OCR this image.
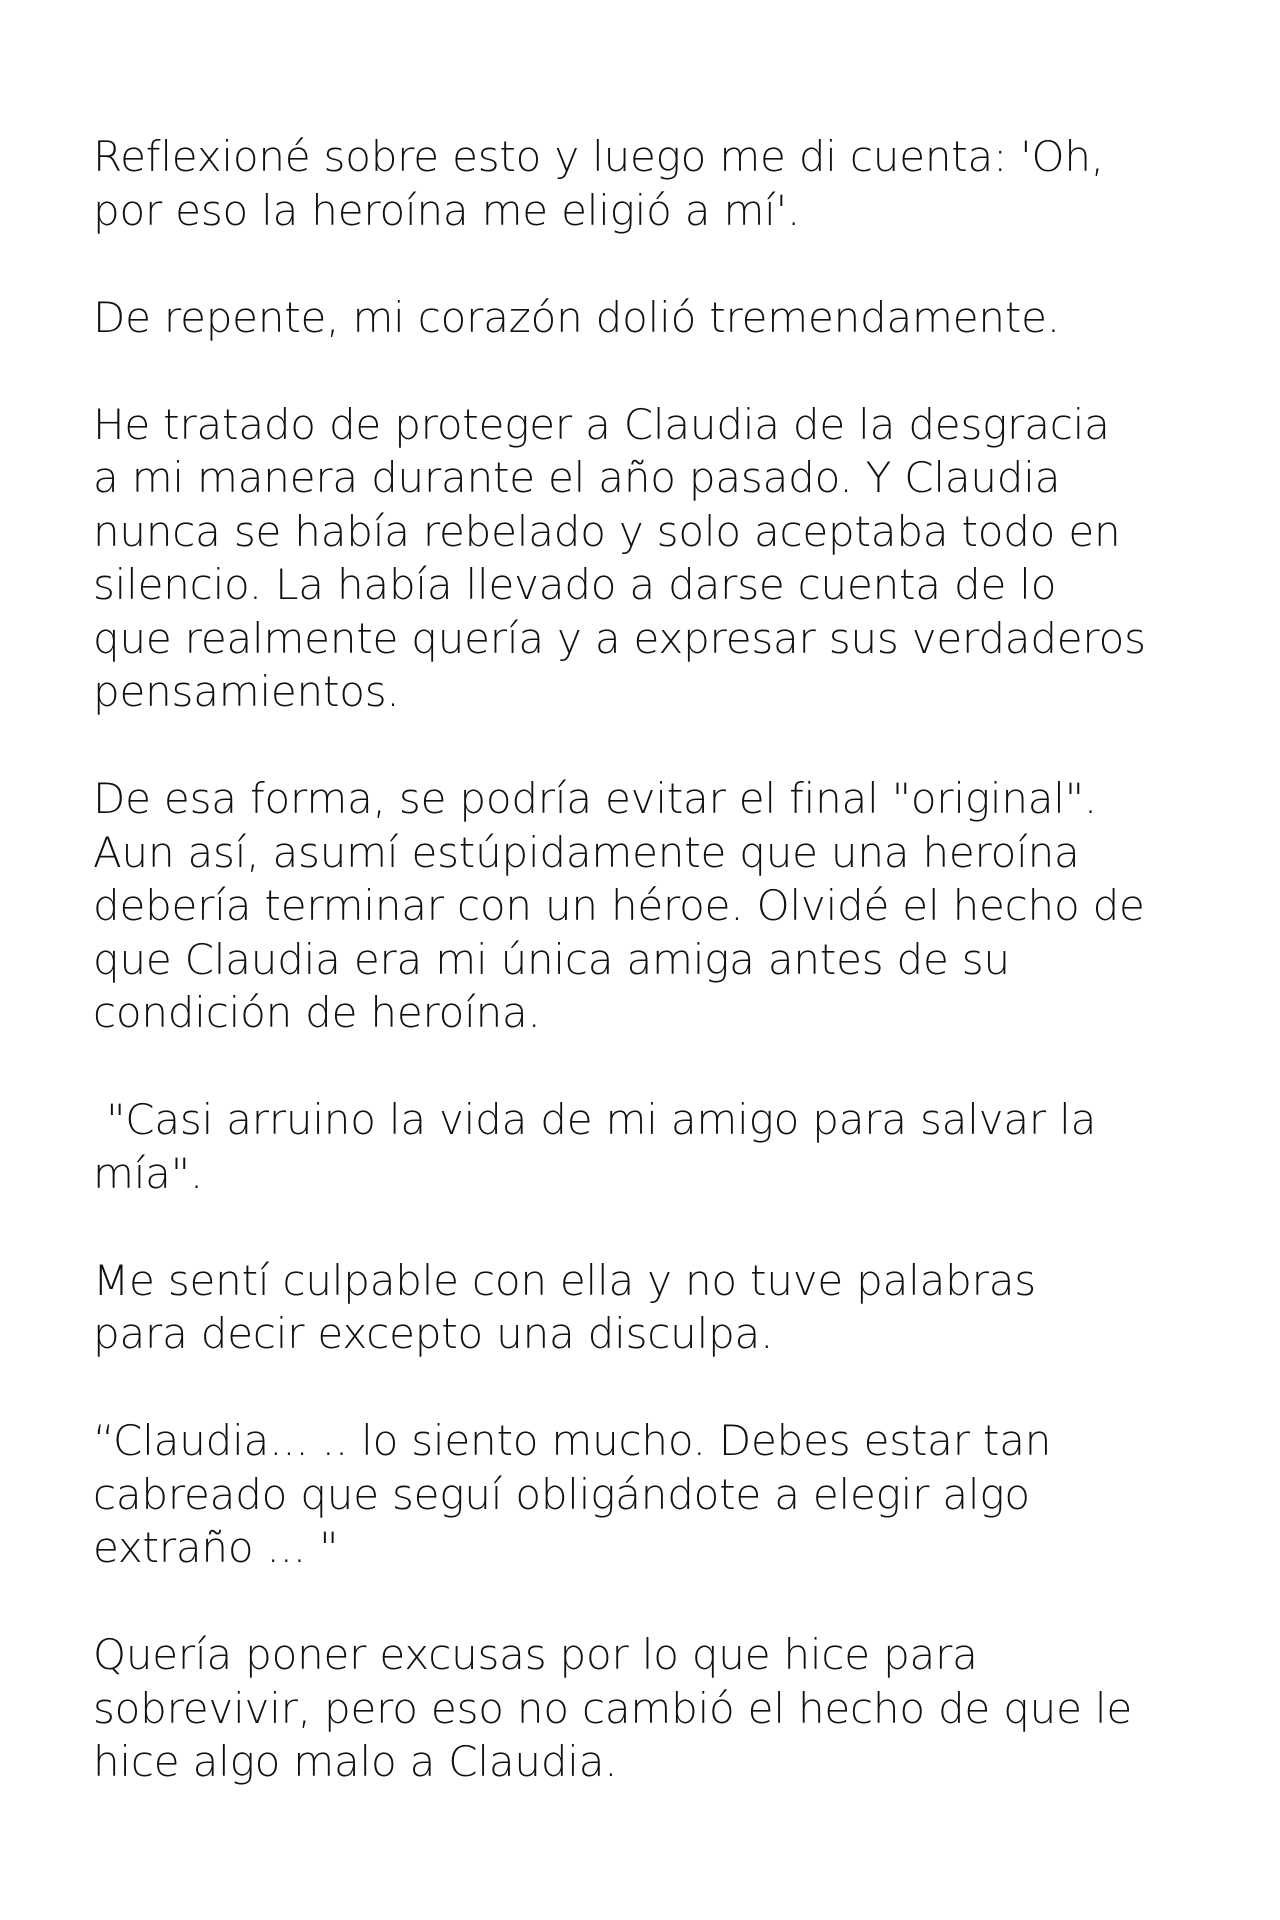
Reflexioné sobre esto y luego me di cuenta: 'Oh,
por eso la heroína me eligió a mí'.

De repente, mi corazón dolió tremendamente.

He tratado de proteger a Claudia de la desgracia
a mi manera durante el año pasado. Y Claudia
nunca se había rebelado y solo aceptaba todo en
silencio. La había llevado a darse cuenta de lo
que realmente quería y a expresar sus verdaderos
pensamientos.

De esa forma, se podría evitar el final "original".
Aun así, asumí estúpidamente que una heroína
debería terminar con un héroe. Olvidé el hecho de
que Claudia era mi única amiga antes de su
condición de heroína.

"Casi arruino la vida de mi amigo para salvar la
mía".

Me sentí culpable con ella y no tuve palabras
para decir excepto una disculpa.

“Claudia... .. lo siento mucho. Debes estar tan
cabreado que seguí obligándote a elegir algo
extraño ... "

Quería poner excusas por lo que hice para
sobrevivir, pero eso no cambió el hecho de que le
hice algo malo a Claudia.
